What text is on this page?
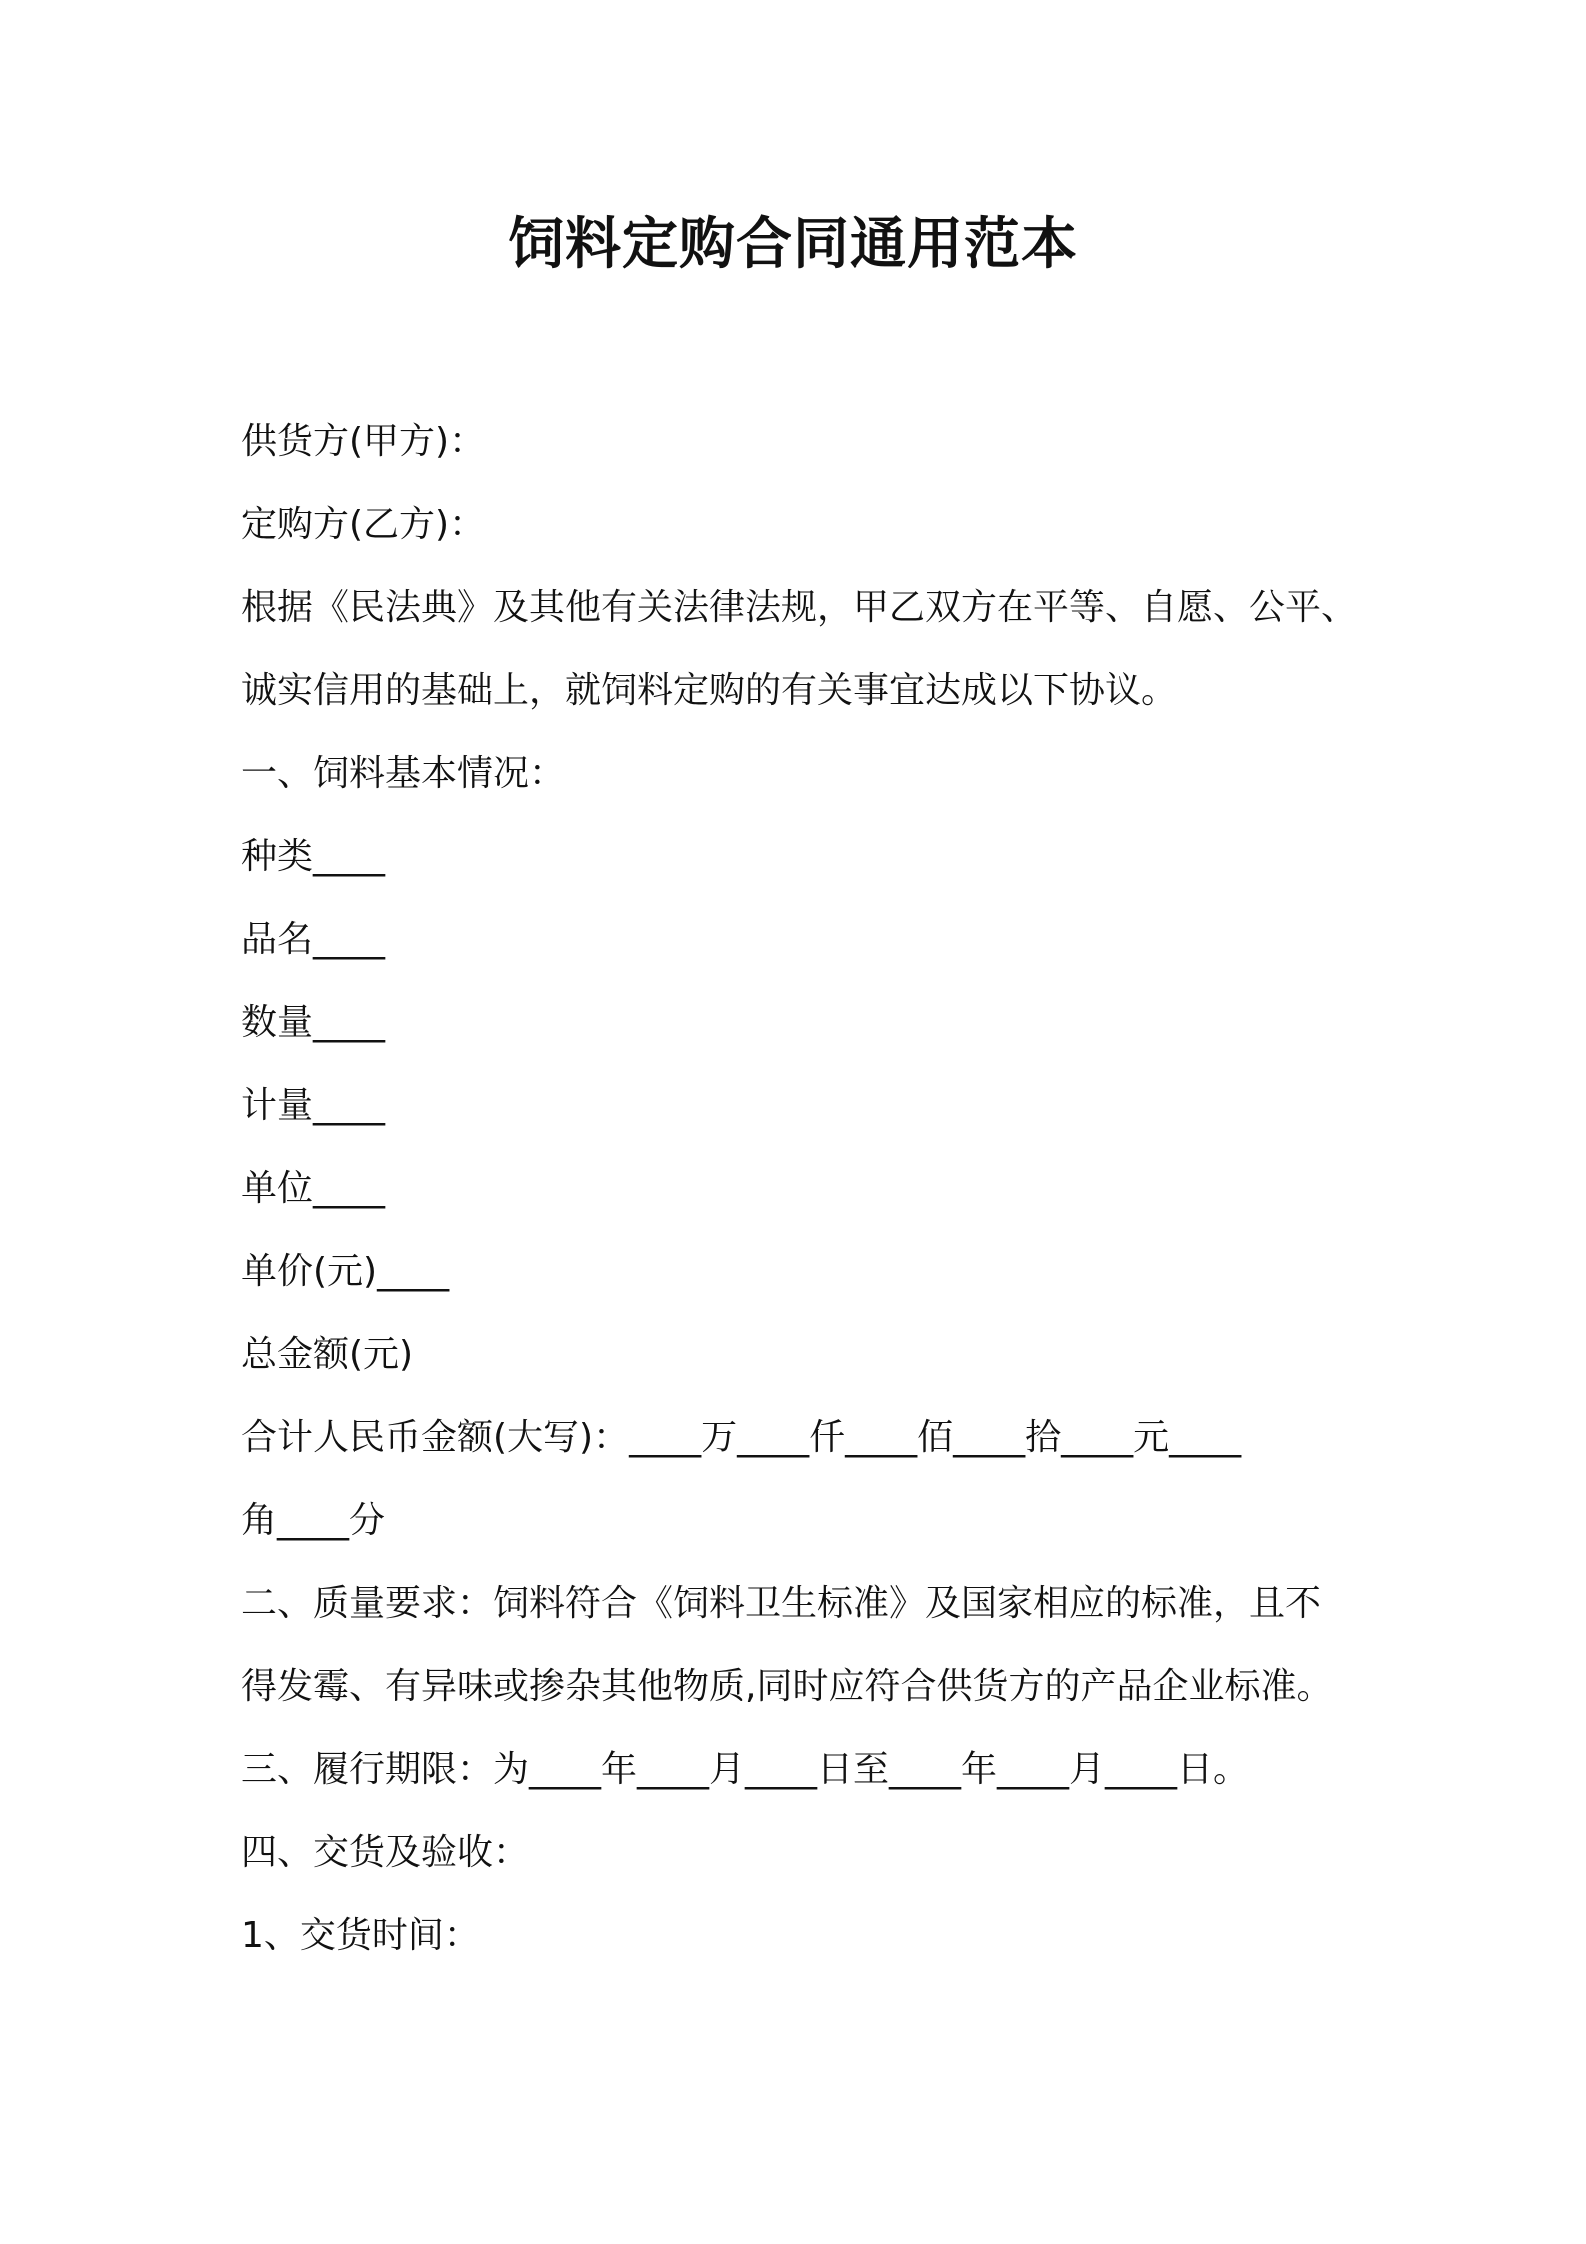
饲料定购合同通用范本

供货方(甲方)：

定购方(乙方)：

根据《民法典》及其他有关法律法规，甲乙双方在平等、自愿、公平、

诚实信用的基础上，就饲料定购的有关事宜达成以下协议。

一、饲料基本情况：

种类____

品名____

数量____

计量____

单位____

单价(元)____

总金额(元)

合计人民币金额(大写)：____万____仟____佰____拾____元____

角____分

二、质量要求：饲料符合《饲料卫生标准》及国家相应的标准，且不

得发霉、有异味或掺杂其他物质,同时应符合供货方的产品企业标准。

三、履行期限：为____年____月____日至____年____月____日。

四、交货及验收：

1、交货时间：
